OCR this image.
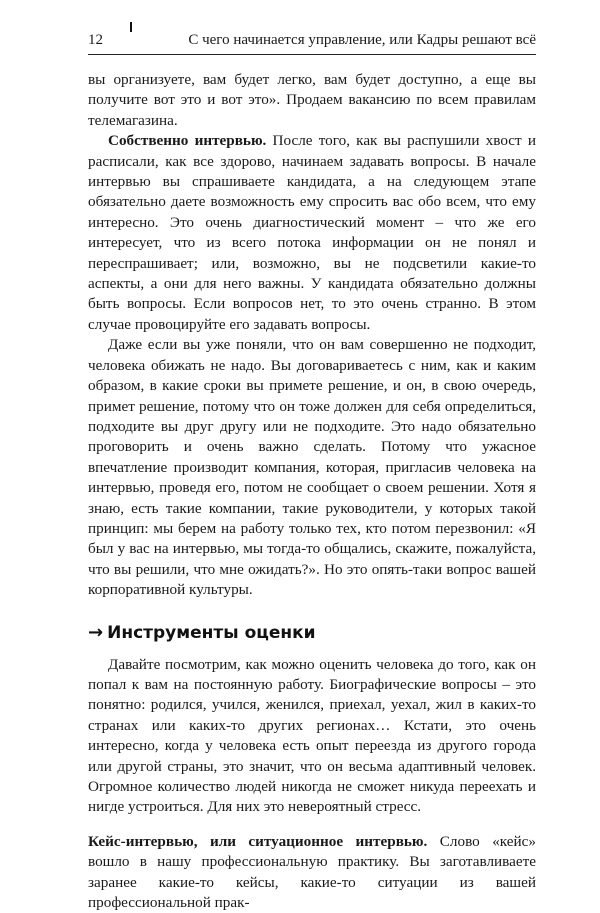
12	С чего начинается управление, или Кадры решают всё

вы организуете, вам будет легко, вам будет доступно, а еще вы получите вот это и вот это». Продаем вакансию по всем правилам телемагазина.

Собственно интервью. После того, как вы распушили хвост и расписали, как все здорово, начинаем задавать вопросы. В начале интервью вы спрашиваете кандидата, а на следующем этапе обязательно даете возможность ему спросить вас обо всем, что ему интересно. Это очень диагностический момент – что же его интересует, что из всего потока информации он не понял и переспрашивает; или, возможно, вы не подсветили какие-то аспекты, а они для него важны. У кандидата обязательно должны быть вопросы. Если вопросов нет, то это очень странно. В этом случае провоцируйте его задавать вопросы.

Даже если вы уже поняли, что он вам совершенно не подходит, человека обижать не надо. Вы договариваетесь с ним, как и каким образом, в какие сроки вы примете решение, и он, в свою очередь, примет решение, потому что он тоже должен для себя определиться, подходите вы друг другу или не подходите. Это надо обязательно проговорить и очень важно сделать. Потому что ужасное впечатление производит компания, которая, пригласив человека на интервью, проведя его, потом не сообщает о своем решении. Хотя я знаю, есть такие компании, такие руководители, у которых такой принцип: мы берем на работу только тех, кто потом перезвонил: «Я был у вас на интервью, мы тогда-то общались, скажите, пожалуйста, что вы решили, что мне ожидать?». Но это опять-таки вопрос вашей корпоративной культуры.

→ Инструменты оценки

Давайте посмотрим, как можно оценить человека до того, как он попал к вам на постоянную работу. Биографические вопросы – это понятно: родился, учился, женился, приехал, уехал, жил в каких-то странах или каких-то других регионах… Кстати, это очень интересно, когда у человека есть опыт переезда из другого города или другой страны, это значит, что он весьма адаптивный человек. Огромное количество людей никогда не сможет никуда переехать и нигде устроиться. Для них это невероятный стресс.

Кейс-интервью, или ситуационное интервью. Слово «кейс» вошло в нашу профессиональную практику. Вы заготавливаете заранее какие-то кейсы, какие-то ситуации из вашей профессиональной прак-
